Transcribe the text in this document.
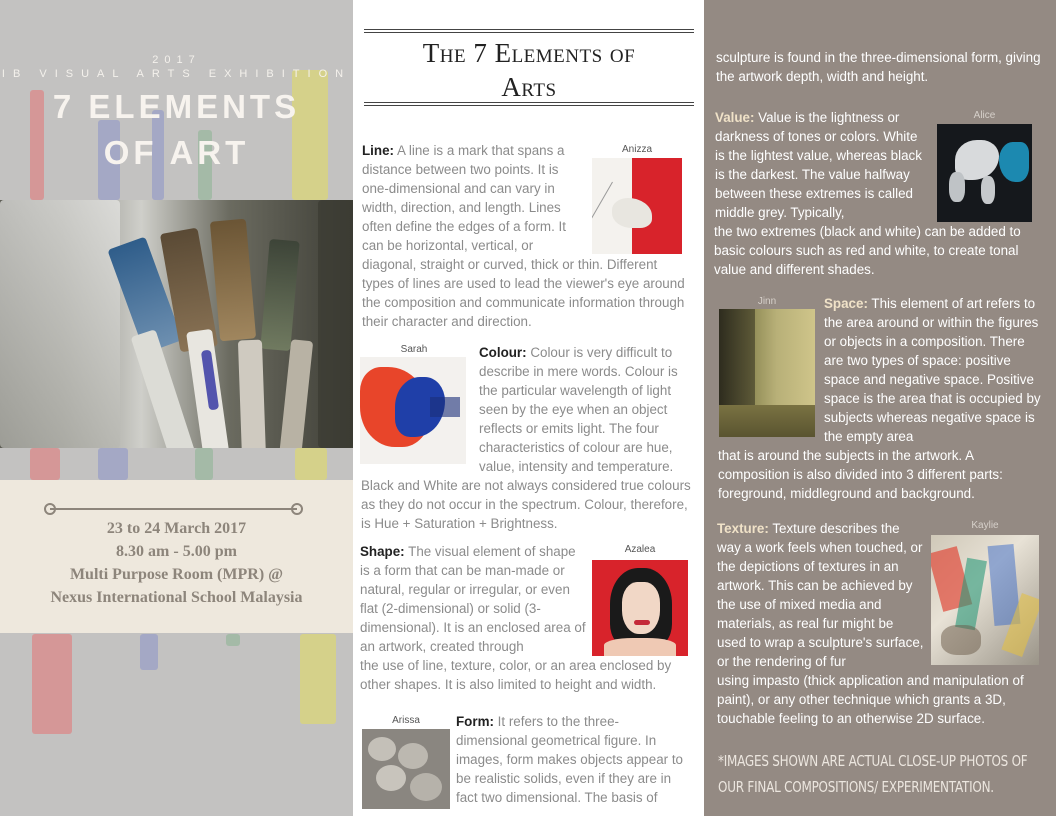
2017
IB VISUAL ARTS EXHIBITION
7 ELEMENTS
OF ART
23 to 24 March 2017
8.30 am - 5.00 pm
Multi Purpose Room (MPR) @
Nexus International School Malaysia
The 7 Elements of
Arts
Line: A line is a mark that spans a distance between two points. It is one-dimensional and can vary in width, direction, and length. Lines often define the edges of a form. It can be horizontal, vertical, or
diagonal, straight or curved, thick or thin. Different types of lines are used to lead the viewer's eye around the composition and communicate information through their character and direction.
Anizza
Sarah	Colour: Colour is very difficult to describe in mere words. Colour is the particular wavelength of light seen by the eye when an object reflects or emits light. The four characteristics of colour are hue, value, intensity and temperature.
Black and White are not always considered true colours as they do not occur in the spectrum. Colour, therefore, is Hue + Saturation + Brightness.
Shape: The visual element of shape is a form that can be man-made or natural, regular or irregular, or even flat (2-dimensional) or solid (3-dimensional). It is an enclosed area of an artwork, created through
the use of line, texture, color, or an area enclosed by other shapes. It is also limited to height and width.
Azalea
Arissa	Form: It refers to the three-dimensional geometrical figure. In images, form makes objects appear to be realistic solids, even if they are in fact two dimensional. The basis of
sculpture is found in the three-dimensional form, giving the artwork depth, width and height.
Value: Value is the lightness or darkness of tones or colors. White is the lightest value, whereas black is the darkest. The value halfway between these extremes is called middle grey. Typically,
the two extremes (black and white) can be added to basic colours such as red and white, to create tonal value and different shades.
Alice
Jinn	Space: This element of art refers to the area around or within the figures or objects in a composition. There are two types of space: positive space and negative space. Positive space is the area that is occupied by subjects whereas negative space is the empty area
that is around the subjects in the artwork. A composition is also divided into 3 different parts: foreground, middleground and background.
Texture: Texture describes the way a work feels when touched, or the depictions of textures in an artwork. This can be achieved by the use of mixed media and materials, as real fur might be used to wrap a sculpture's surface, or the rendering of fur
using impasto (thick application and manipulation of paint), or any other technique which grants a 3D, touchable feeling to an otherwise 2D surface.
Kaylie
*IMAGES SHOWN ARE ACTUAL CLOSE-UP PHOTOS OF OUR FINAL COMPOSITIONS/ EXPERIMENTATION.
